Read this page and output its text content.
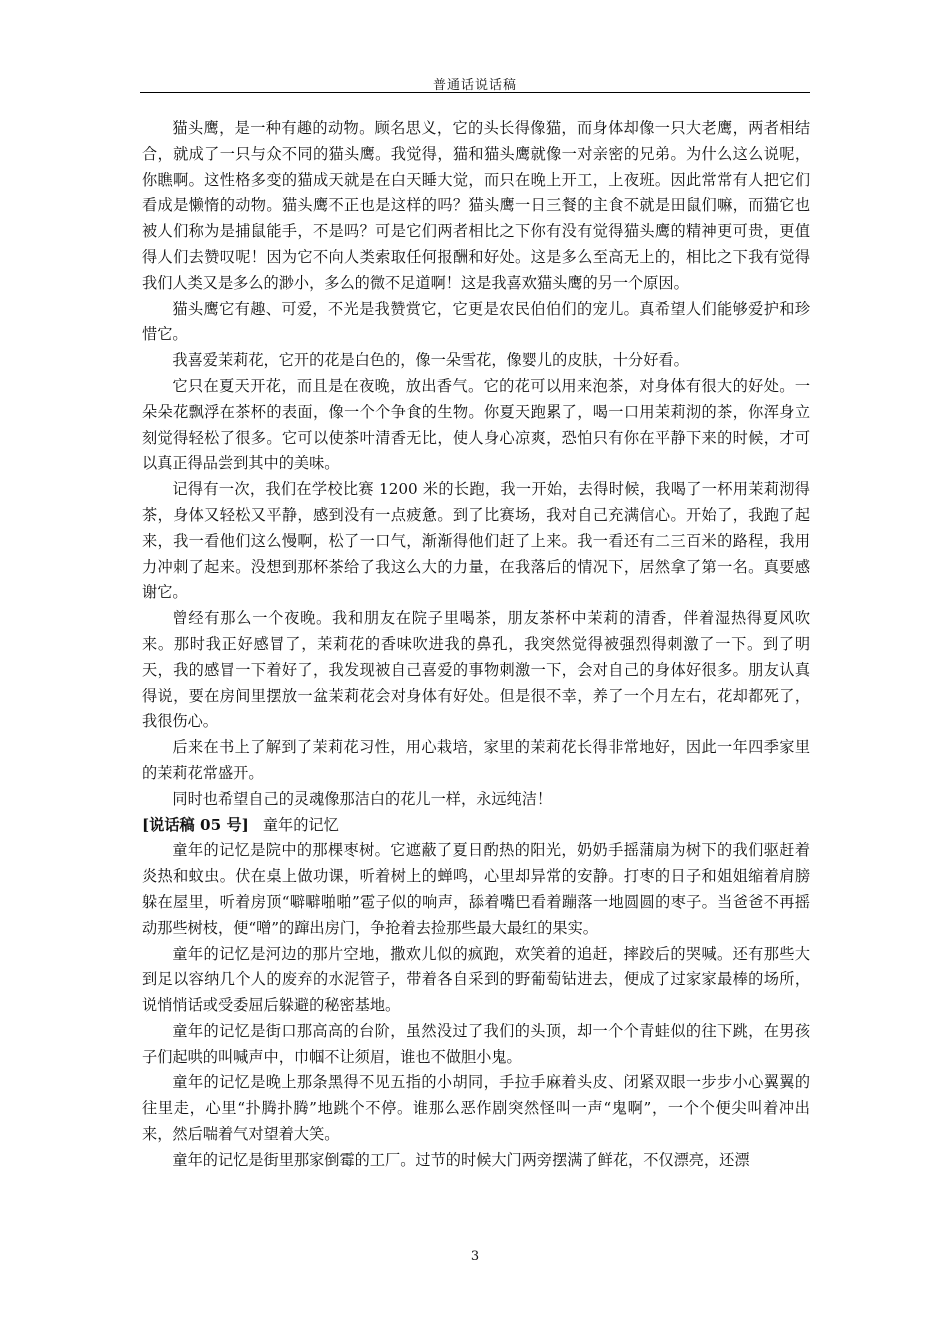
普通话说话稿

猫头鹰，是一种有趣的动物。顾名思义，它的头长得像猫，而身体却像一只大老鹰，两者相结合，就成了一只与众不同的猫头鹰。我觉得，猫和猫头鹰就像一对亲密的兄弟。为什么这么说呢，你瞧啊。这性格多变的猫成天就是在白天睡大觉，而只在晚上开工，上夜班。因此常常有人把它们看成是懒惰的动物。猫头鹰不正也是这样的吗？猫头鹰一日三餐的主食不就是田鼠们嘛，而猫它也被人们称为是捕鼠能手，不是吗？可是它们两者相比之下你有没有觉得猫头鹰的精神更可贵，更值得人们去赞叹呢！因为它不向人类索取任何报酬和好处。这是多么至高无上的，相比之下我有觉得我们人类又是多么的渺小，多么的微不足道啊！这是我喜欢猫头鹰的另一个原因。

猫头鹰它有趣、可爱，不光是我赞赏它，它更是农民伯伯们的宠儿。真希望人们能够爱护和珍惜它。

我喜爱茉莉花，它开的花是白色的，像一朵雪花，像婴儿的皮肤，十分好看。

它只在夏天开花，而且是在夜晚，放出香气。它的花可以用来泡茶，对身体有很大的好处。一朵朵花飘浮在茶杯的表面，像一个个争食的生物。你夏天跑累了，喝一口用茉莉沏的茶，你浑身立刻觉得轻松了很多。它可以使茶叶清香无比，使人身心凉爽，恐怕只有你在平静下来的时候，才可以真正得品尝到其中的美味。

记得有一次，我们在学校比赛 1200 米的长跑，我一开始，去得时候，我喝了一杯用茉莉沏得茶，身体又轻松又平静，感到没有一点疲惫。到了比赛场，我对自己充满信心。开始了，我跑了起来，我一看他们这么慢啊，松了一口气，渐渐得他们赶了上来。我一看还有二三百米的路程，我用力冲刺了起来。没想到那杯茶给了我这么大的力量，在我落后的情况下，居然拿了第一名。真要感谢它。

曾经有那么一个夜晚。我和朋友在院子里喝茶，朋友茶杯中茉莉的清香，伴着湿热得夏风吹来。那时我正好感冒了，茉莉花的香味吹进我的鼻孔，我突然觉得被强烈得刺激了一下。到了明天，我的感冒一下着好了，我发现被自己喜爱的事物刺激一下，会对自己的身体好很多。朋友认真得说，要在房间里摆放一盆茉莉花会对身体有好处。但是很不幸，养了一个月左右，花却都死了，我很伤心。

后来在书上了解到了茉莉花习性，用心栽培，家里的茉莉花长得非常地好，因此一年四季家里的茉莉花常盛开。

同时也希望自己的灵魂像那洁白的花儿一样，永远纯洁！

[说话稿 05 号] 童年的记忆

童年的记忆是院中的那棵枣树。它遮蔽了夏日酌热的阳光，奶奶手摇蒲扇为树下的我们驱赶着炎热和蚊虫。伏在桌上做功课，听着树上的蝉鸣，心里却异常的安静。打枣的日子和姐姐缩着肩膀躲在屋里，听着房顶“噼噼啪啪”雹子似的响声，舔着嘴巴看着蹦落一地圆圆的枣子。当爸爸不再摇动那些树枝，便“噌”的蹿出房门，争抢着去捡那些最大最红的果实。

童年的记忆是河边的那片空地，撒欢儿似的疯跑，欢笑着的追赶，摔跤后的哭喊。还有那些大到足以容纳几个人的废弃的水泥管子，带着各自采到的野葡萄钻进去，便成了过家家最棒的场所，说悄悄话或受委屈后躲避的秘密基地。

童年的记忆是街口那高高的台阶，虽然没过了我们的头顶，却一个个青蛙似的往下跳，在男孩子们起哄的叫喊声中，巾帼不让须眉，谁也不做胆小鬼。

童年的记忆是晚上那条黑得不见五指的小胡同，手拉手麻着头皮、闭紧双眼一步步小心翼翼的往里走，心里“扑腾扑腾”地跳个不停。谁那么恶作剧突然怪叫一声“鬼啊”，一个个便尖叫着冲出来，然后喘着气对望着大笑。

童年的记忆是街里那家倒霉的工厂。过节的时候大门两旁摆满了鲜花，不仅漂亮，还漂

3
